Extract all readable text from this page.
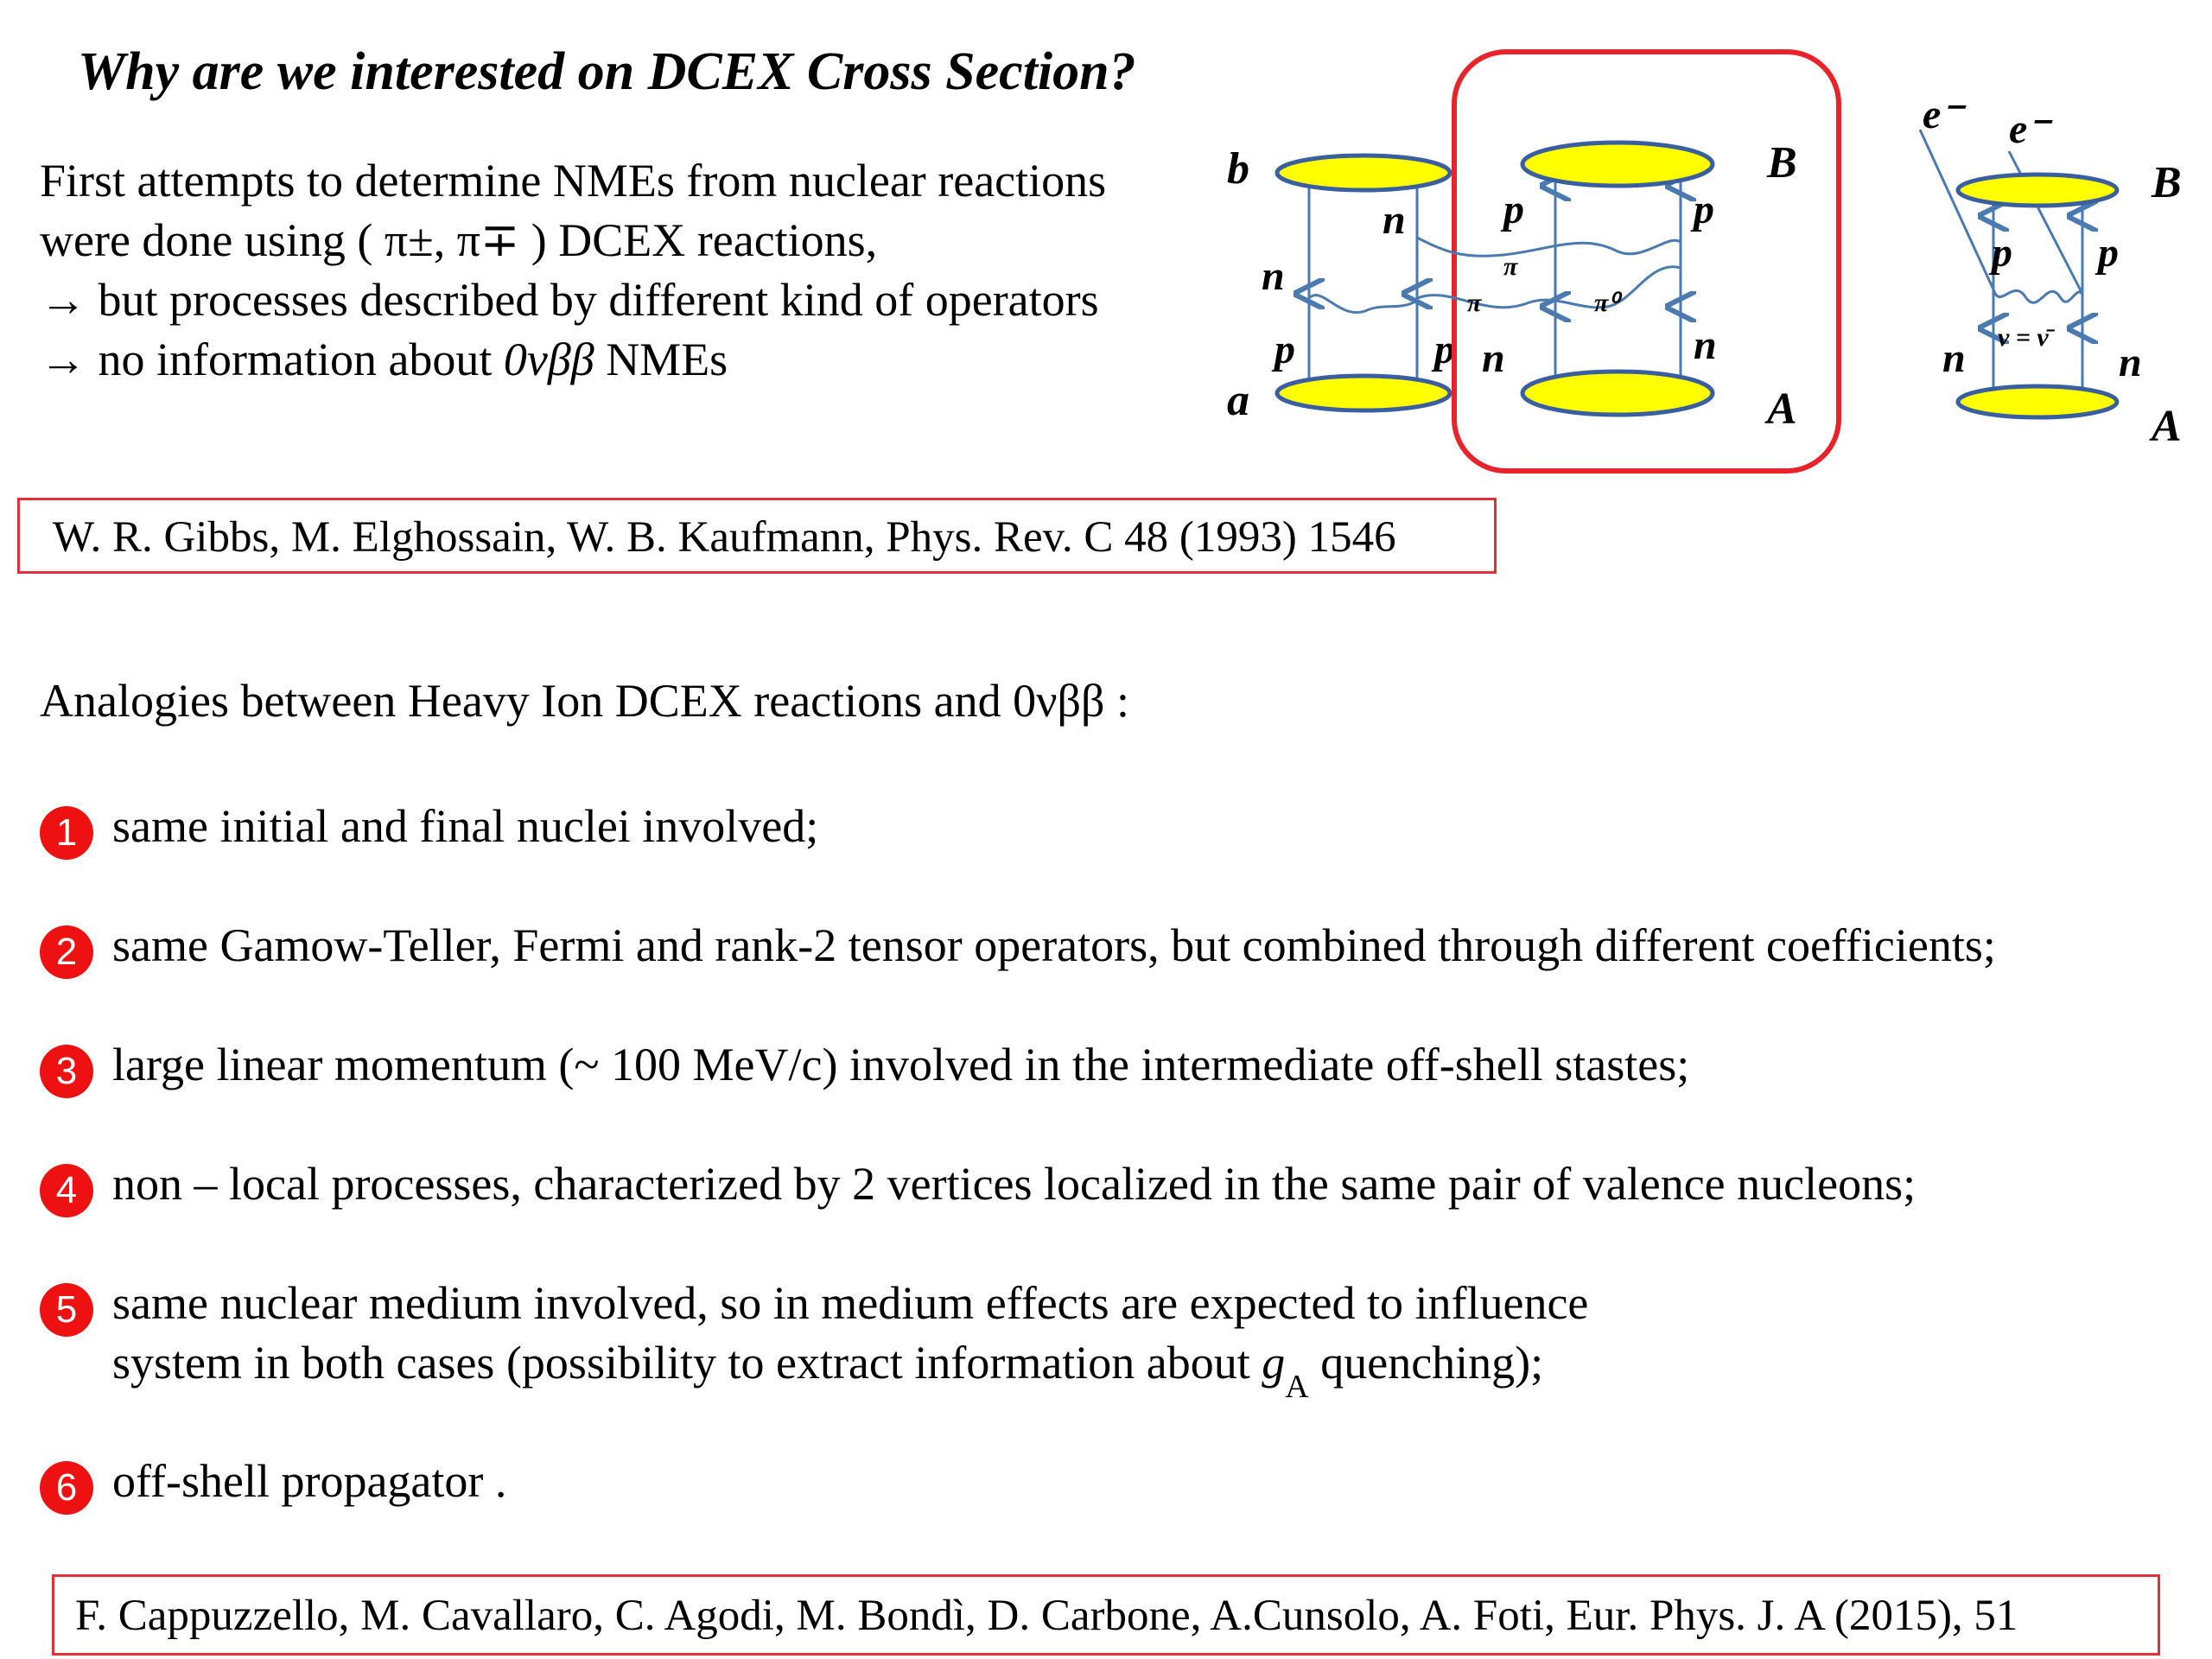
Why are we interested on DCEX Cross Section?
First attempts to determine NMEs from nuclear reactions
were done using ( π±, π∓ ) DCEX reactions,
→ but processes described by different kind of operators
→ no information about 0νββ NMEs
W. R. Gibbs, M. Elghossain, W. B. Kaufmann, Phys. Rev. C 48 (1993) 1546
Analogies between Heavy Ion DCEX reactions and 0νββ :
1 same initial and final nuclei involved;
2 same Gamow-Teller, Fermi and rank-2 tensor operators, but combined through different coefficients;
3 large linear momentum (~ 100 MeV/c) involved in the intermediate off-shell stastes;
4 non – local processes, characterized by 2 vertices localized in the same pair of valence nucleons;
5 same nuclear medium involved, so in medium effects are expected to influence
system in both cases (possibility to extract information about $g_A$ quenching);
6 off-shell propagator .
F. Cappuzzello, M. Cavallaro, C. Agodi, M. Bondì, D. Carbone, A.Cunsolo, A. Foti, Eur. Phys. J. A (2015), 51
b
a
n
n
p	p
B
A
p	p
n	n
π
π	π⁰
B
A
e⁻ e⁻
p p
n	n
ν = ν̄
